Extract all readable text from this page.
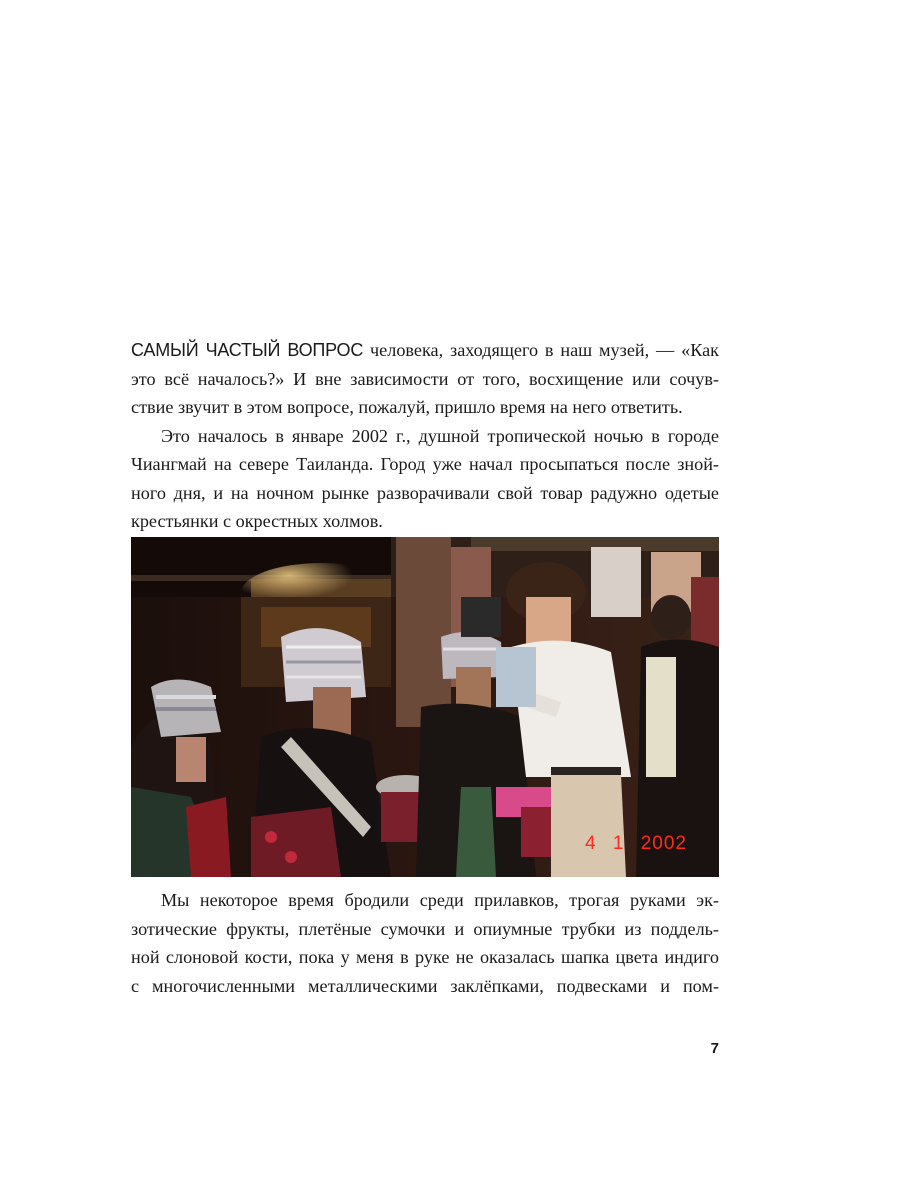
САМЫЙ ЧАСТЫЙ ВОПРОС человека, заходящего в наш музей, — «Как
это всё началось?» И вне зависимости от того, восхищение или сочув-
ствие звучит в этом вопросе, пожалуй, пришло время на него ответить.

Это началось в январе 2002 г., душной тропической ночью в городе
Чиангмай на севере Таиланда. Город уже начал просыпаться после зной-
ного дня, и на ночном рынке разворачивали свой товар радужно одетые
крестьянки с окрестных холмов.

4 1 2002

Мы некоторое время бродили среди прилавков, трогая руками эк-
зотические фрукты, плетёные сумочки и опиумные трубки из поддель-
ной слоновой кости, пока у меня в руке не оказалась шапка цвета индиго
с многочисленными металлическими заклёпками, подвесками и пом-

7
